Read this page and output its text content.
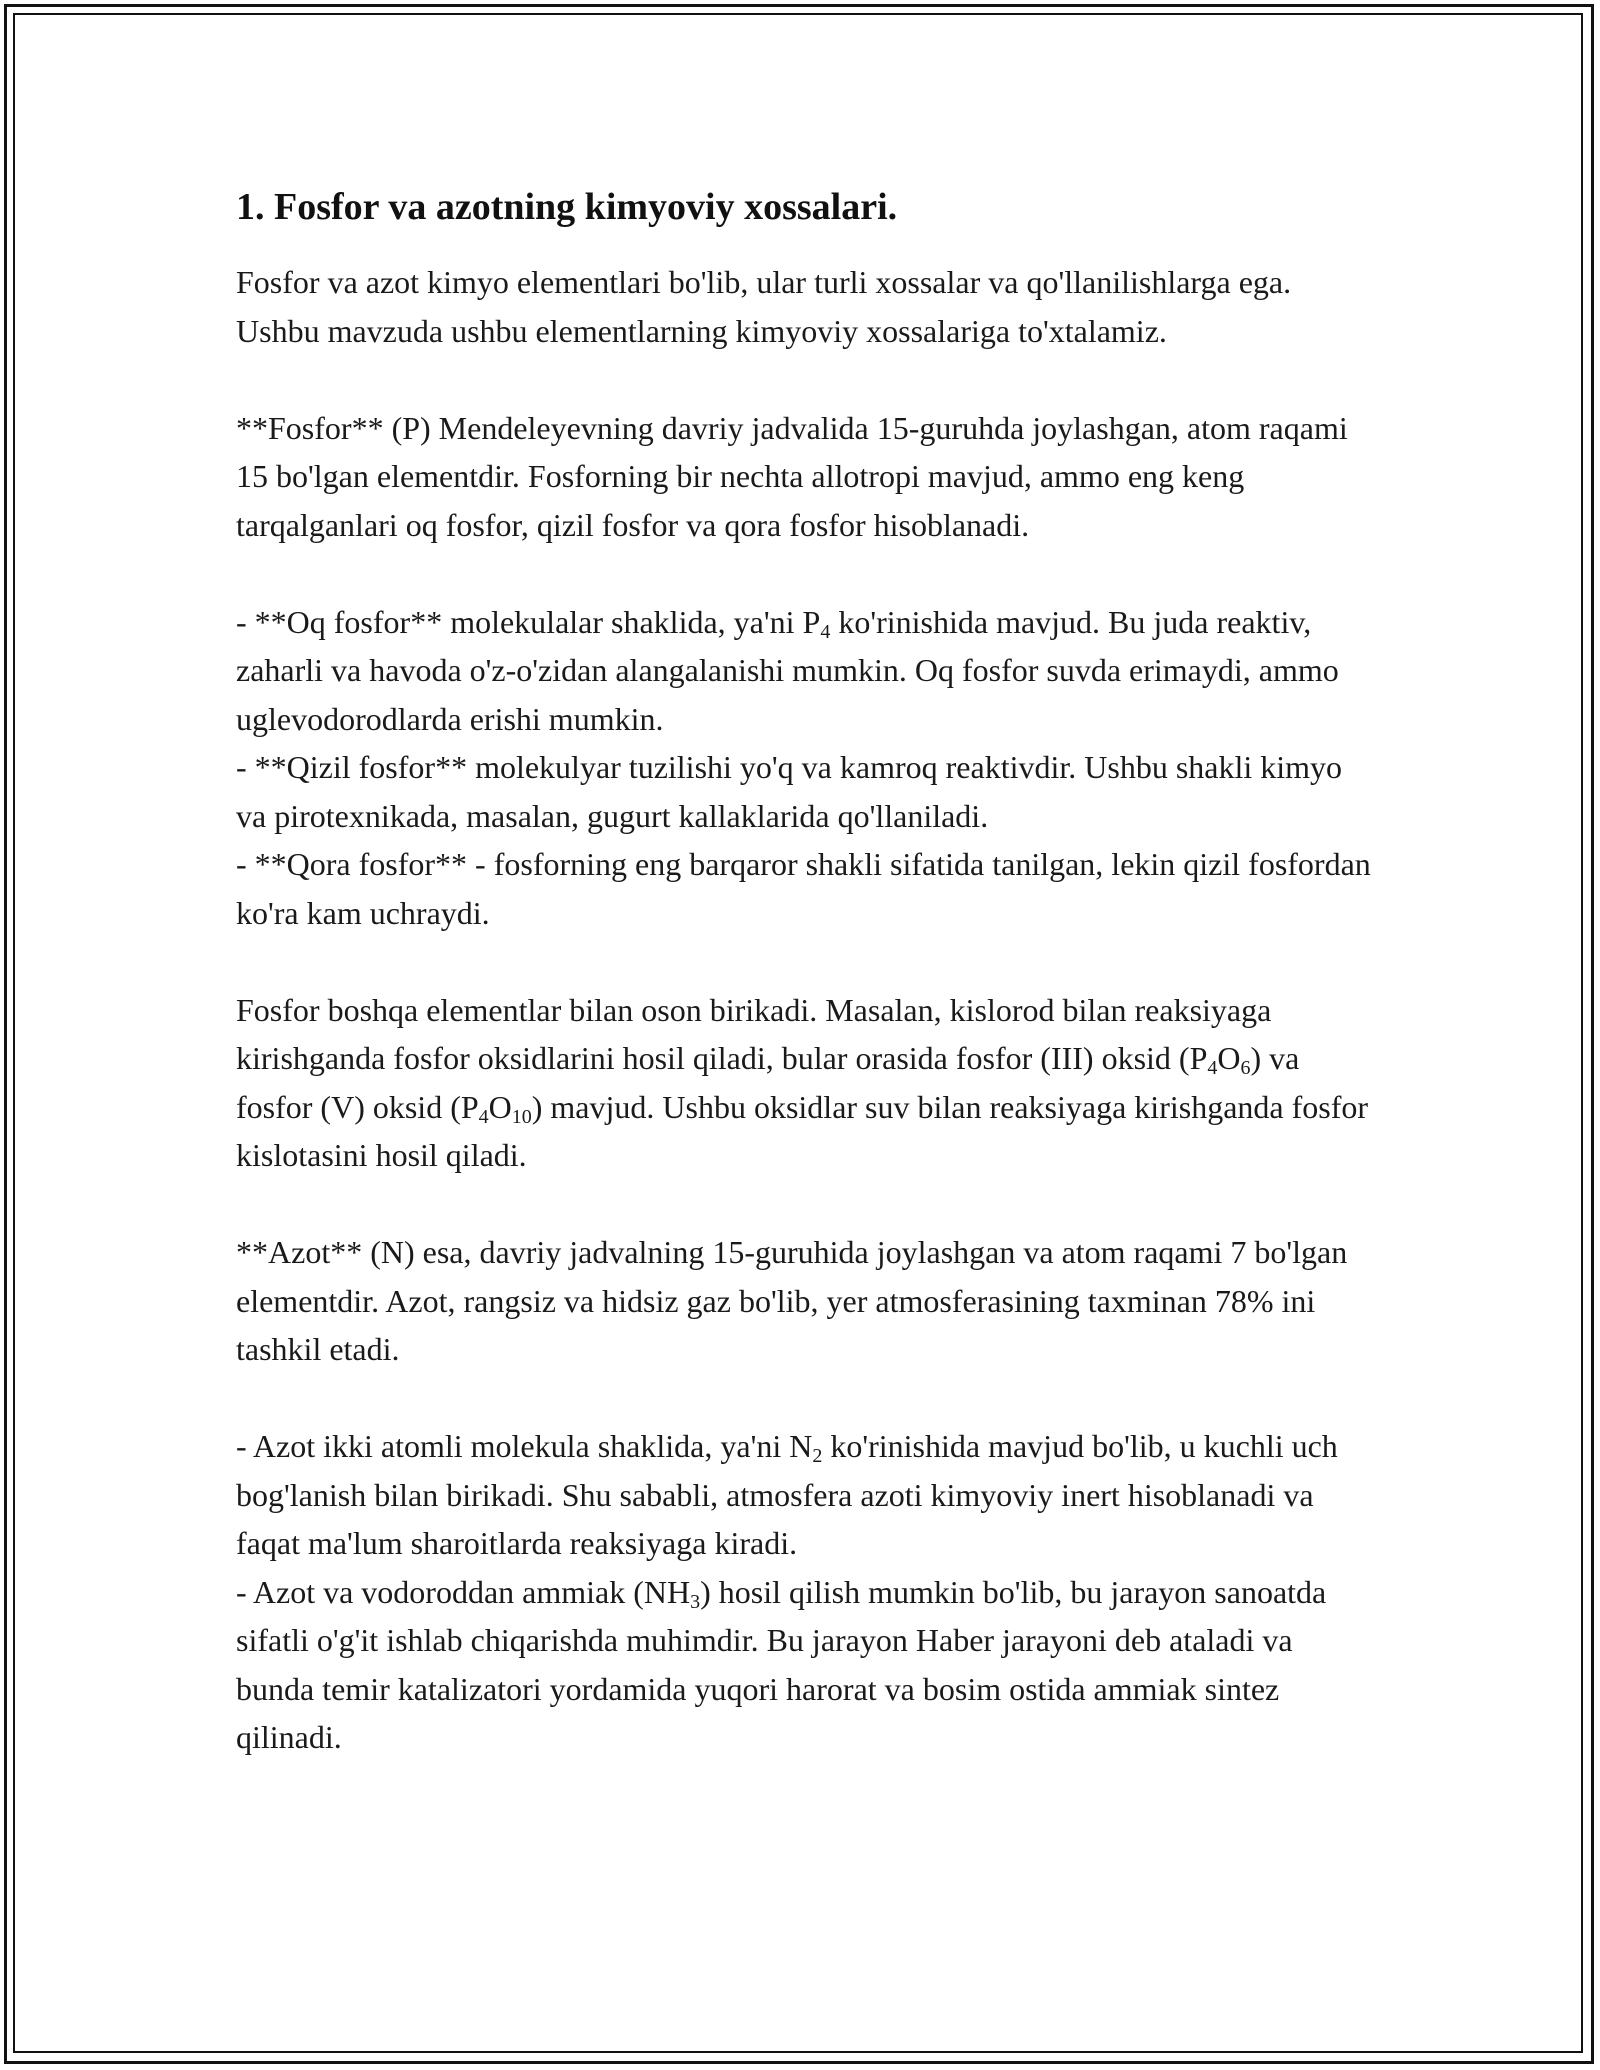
1. Fosfor va azotning kimyoviy xossalari.

Fosfor va azot kimyo elementlari bo'lib, ular turli xossalar va qo'llanilishlarga ega. Ushbu mavzuda ushbu elementlarning kimyoviy xossalariga to'xtalamiz.

**Fosfor** (P) Mendeleyevning davriy jadvalida 15-guruhda joylashgan, atom raqami 15 bo'lgan elementdir. Fosforning bir nechta allotropi mavjud, ammo eng keng tarqalganlari oq fosfor, qizil fosfor va qora fosfor hisoblanadi.

- **Oq fosfor** molekulalar shaklida, ya'ni $P_4$ ko'rinishida mavjud. Bu juda reaktiv, zaharli va havoda o'z-o'zidan alangalanishi mumkin. Oq fosfor suvda erimaydi, ammo uglevodorodlarda erishi mumkin.
- **Qizil fosfor** molekulyar tuzilishi yo'q va kamroq reaktivdir. Ushbu shakli kimyo va pirotexnikada, masalan, gugurt kallaklarida qo'llaniladi.
- **Qora fosfor** - fosforning eng barqaror shakli sifatida tanilgan, lekin qizil fosfordan ko'ra kam uchraydi.

Fosfor boshqa elementlar bilan oson birikadi. Masalan, kislorod bilan reaksiyaga kirishganda fosfor oksidlarini hosil qiladi, bular orasida fosfor (III) oksid $(P_4O_6)$ va fosfor (V) oksid $(P_4O_{10})$ mavjud. Ushbu oksidlar suv bilan reaksiyaga kirishganda fosfor kislotasini hosil qiladi.

**Azot** (N) esa, davriy jadvalning 15-guruhida joylashgan va atom raqami 7 bo'lgan elementdir. Azot, rangsiz va hidsiz gaz bo'lib, yer atmosferasining taxminan 78% ini tashkil etadi.

- Azot ikki atomli molekula shaklida, ya'ni $N_2$ ko'rinishida mavjud bo'lib, u kuchli uch bog'lanish bilan birikadi. Shu sababli, atmosfera azoti kimyoviy inert hisoblanadi va faqat ma'lum sharoitlarda reaksiyaga kiradi.
- Azot va vodoroddan ammiak $(NH_3)$ hosil qilish mumkin bo'lib, bu jarayon sanoatda sifatli o'g'it ishlab chiqarishda muhimdir. Bu jarayon Haber jarayoni deb ataladi va bunda temir katalizatori yordamida yuqori harorat va bosim ostida ammiak sintez qilinadi.
